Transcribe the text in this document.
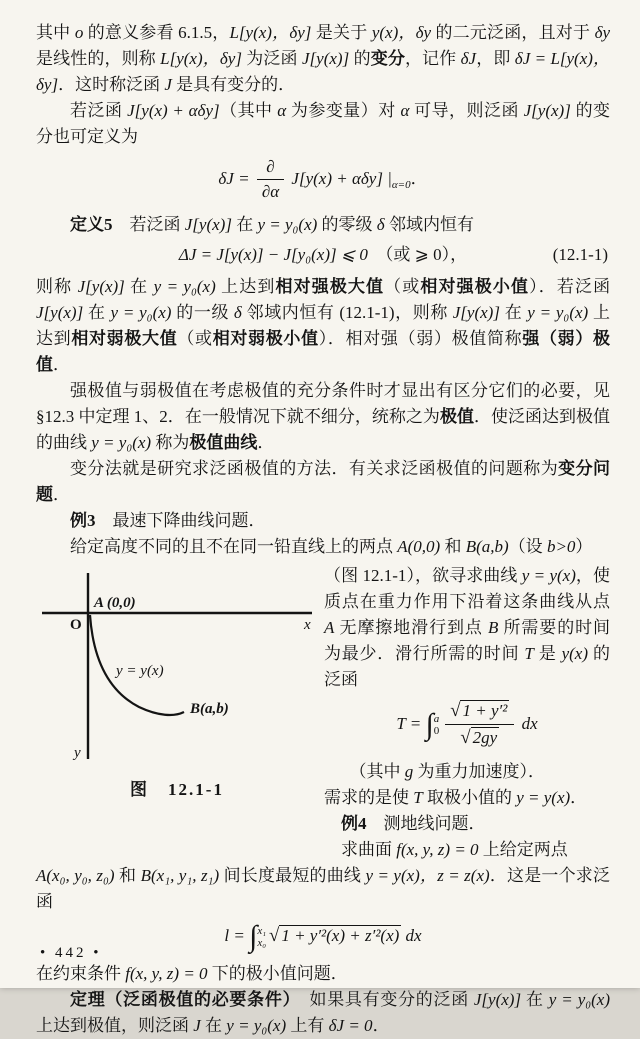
其中 o 的意义参看 6.1.5，L[y(x)，δy] 是关于 y(x)，δy 的二元泛函，且对于 δy 是线性的，则称 L[y(x)，δy] 为泛函 J[y(x)] 的变分，记作 δJ，即 δJ = L[y(x)，δy]．这时称泛函 J 是具有变分的．

若泛函 J[y(x) + αδy]（其中 α 为参变量）对 α 可导，则泛函 J[y(x)] 的变分也可定义为

$\delta J = \frac{\partial}{\partial\alpha} J[y(x) + \alpha\delta y]$ $|_{\alpha=0}$．

定义5　若泛函 J[y(x)] 在 y = y₀(x) 的零级 δ 邻域内恒有

ΔJ = J[y(x)] − J[y₀(x)] ⩽ 0　（或 ⩾ 0），	(12.1-1)

则称 J[y(x)] 在 y = y₀(x) 上达到相对强极大值（或相对强极小值）．若泛函 J[y(x)] 在 y = y₀(x) 的一级 δ 邻域内恒有 (12.1-1)，则称 J[y(x)] 在 y = y₀(x) 上达到相对弱极大值（或相对弱极小值）．相对强（弱）极值简称强（弱）极值．

强极值与弱极值在考虑极值的充分条件时才显出有区分它们的必要，见 §12.3 中定理 1、2．在一般情况下就不细分，统称之为极值．使泛函达到极值的曲线 y = y₀(x) 称为极值曲线．

变分法就是研究求泛函极值的方法．有关求泛函极值的问题称为变分问题．

例3　最速下降曲线问题．

给定高度不同的且不在同一铅直线上的两点 A(0,0) 和 B(a,b)（设 b>0）

x
y
O
A (0,0)
B(a,b)
y = y(x)
图　12.1-1

（图 12.1-1），欲寻求曲线 y = y(x)，使质点在重力作用下沿着这条曲线从点 A 无摩擦地滑行到点 B 所需要的时间为最少．滑行所需的时间 T 是 y(x) 的泛函

T = ∫ a
$0 \frac{\text{√ 1 + y′²}}{√ 2gy}$ dx

（其中 g 为重力加速度）．

需求的是使 T 取极小值的 y = y(x)．

例4　测地线问题．

求曲面 f(x, y, z) = 0 上给定两点

A(x₀, y₀, z₀) 和 B(x₁, y₁, z₁) 间长度最短的曲线 y = y(x)，z = z(x)．这是一个求泛函

l = ∫ x₁
x₀ √ 1 + y′²(x) + z′²(x) dx

在约束条件 f(x, y, z) = 0 下的极小值问题．

定理（泛函极值的必要条件）　如果具有变分的泛函 J[y(x)] 在 y = y₀(x) 上达到极值，则泛函 J 在 y = y₀(x) 上有 δJ = 0．

• 442 •
